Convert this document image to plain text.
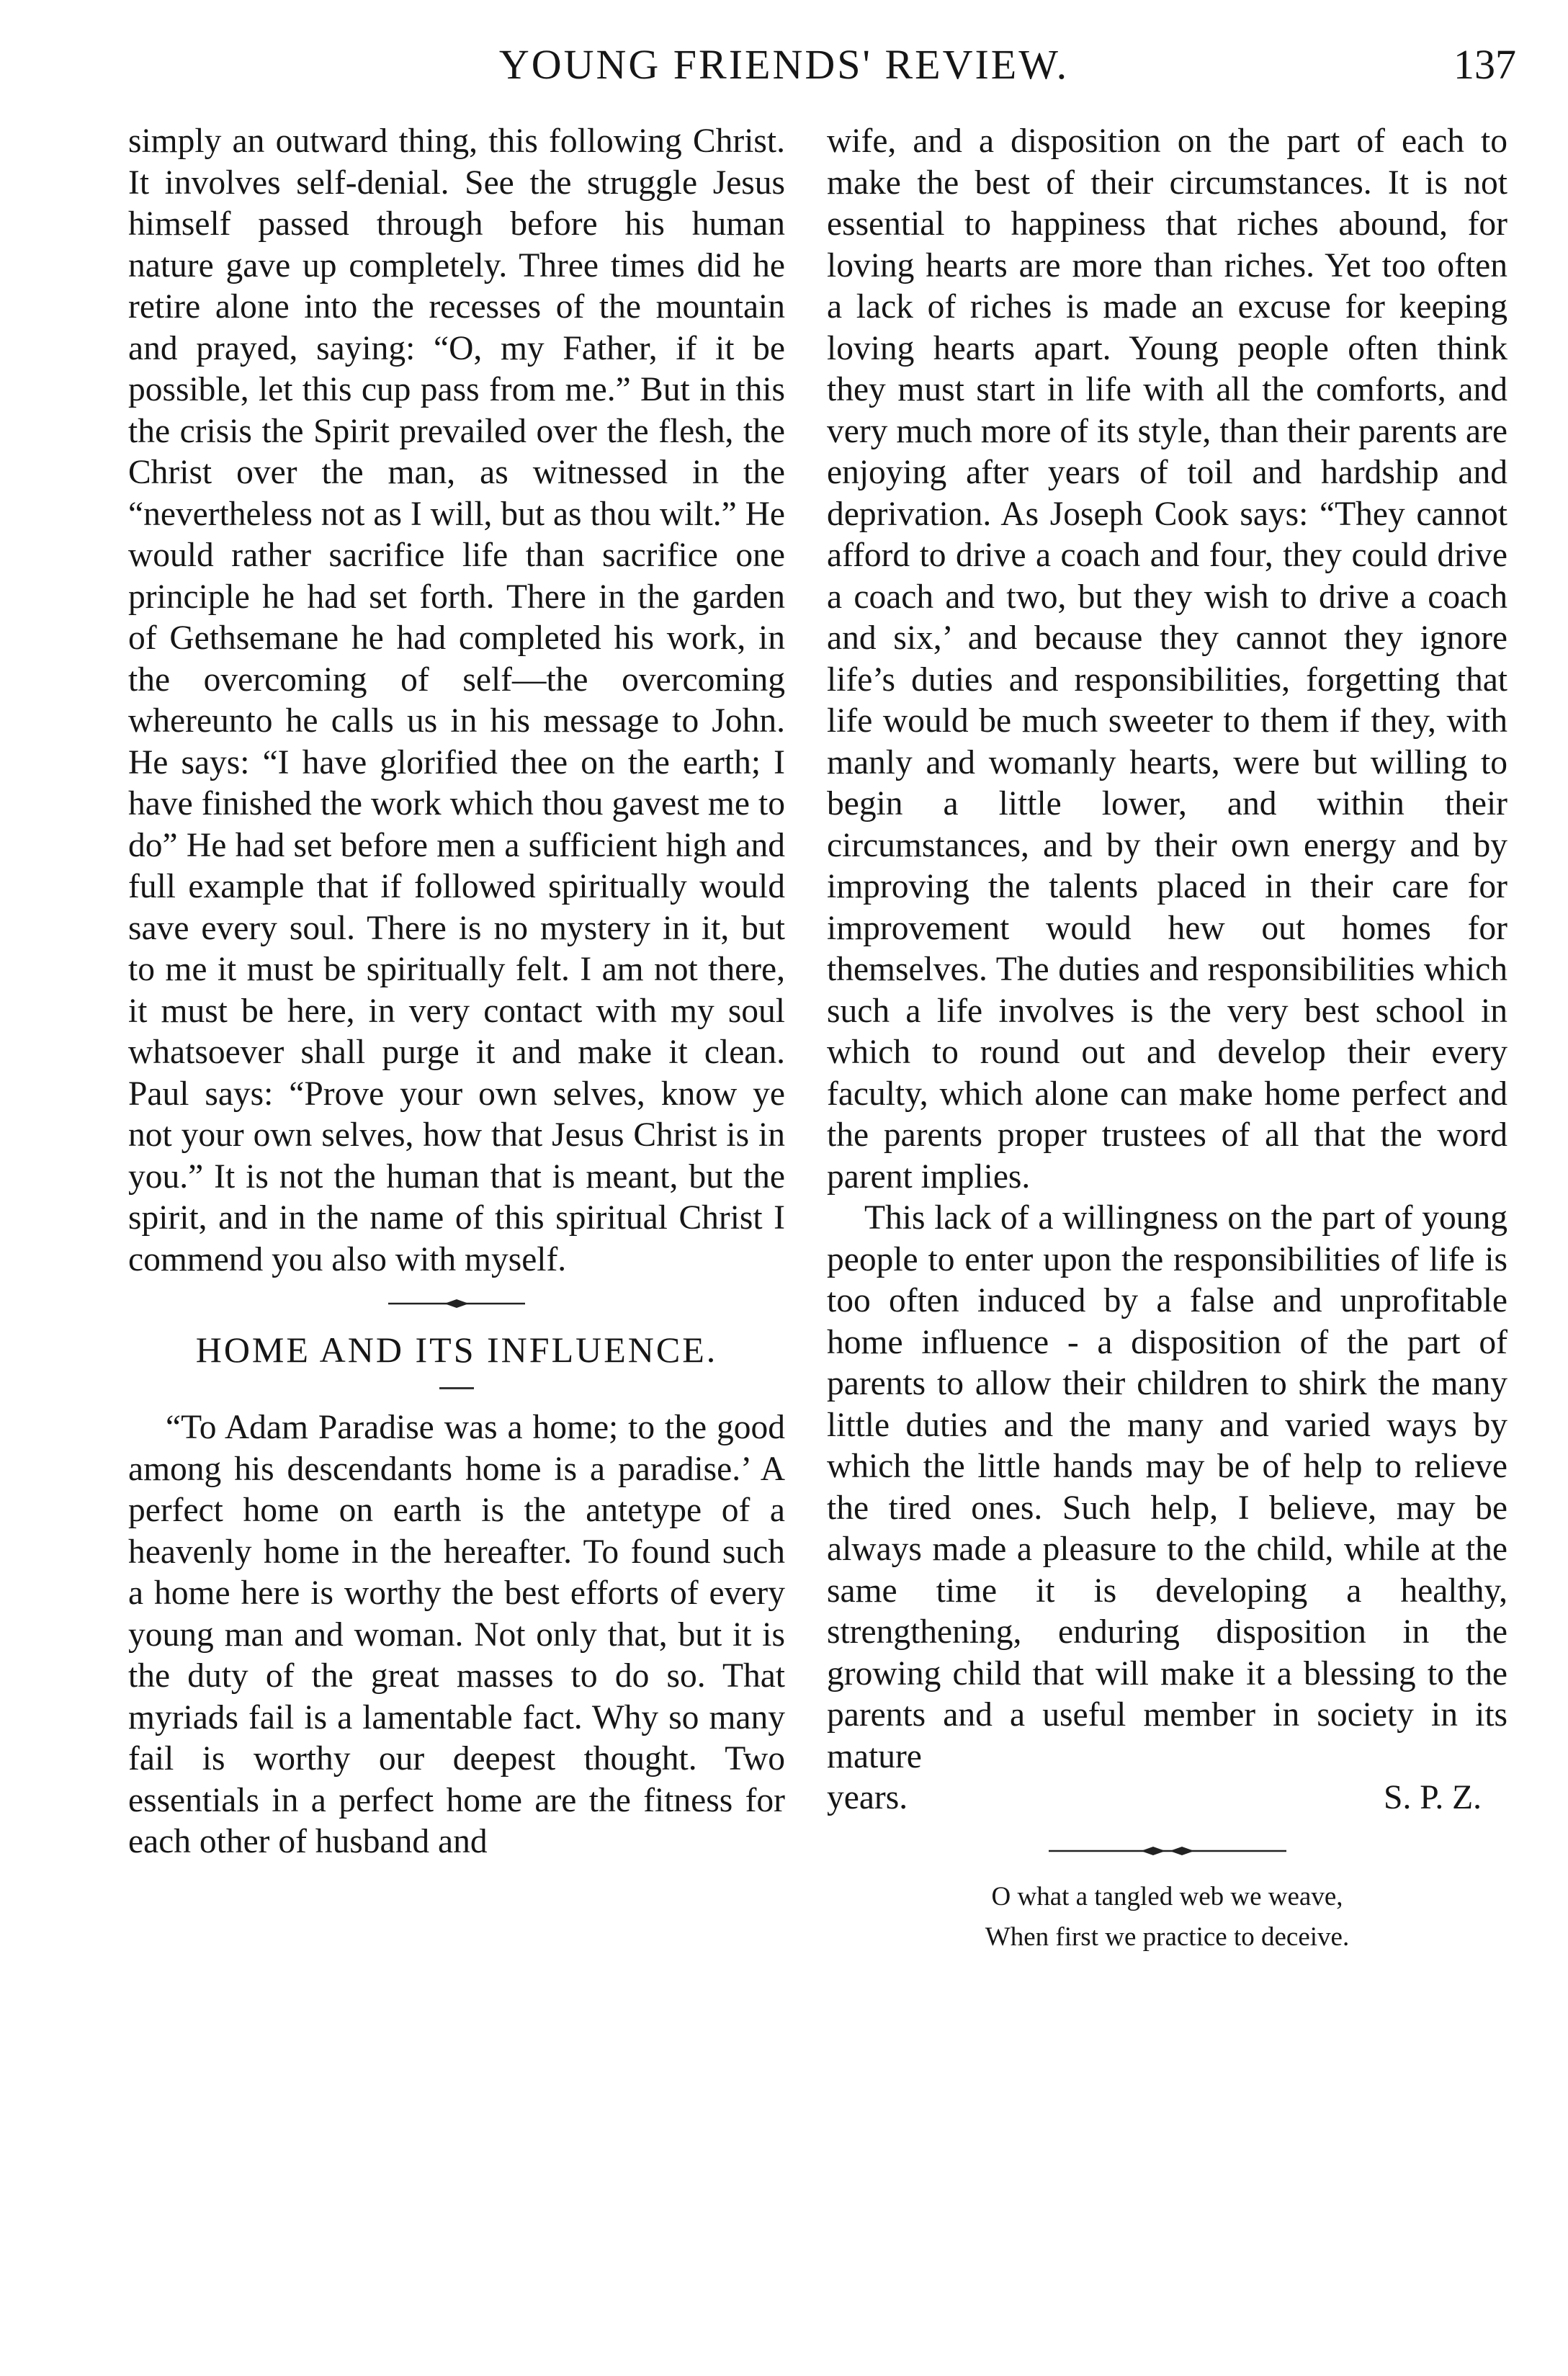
YOUNG FRIENDS' REVIEW.	137

simply an outward thing, this following Christ. It involves self-denial. See the struggle Jesus himself passed through before his human nature gave up completely. Three times did he retire alone into the recesses of the mountain and prayed, saying: “O, my Father, if it be possible, let this cup pass from me.” But in this the crisis the Spirit prevailed over the flesh, the Christ over the man, as witnessed in the “nevertheless not as I will, but as thou wilt.” He would rather sacrifice life than sacrifice one principle he had set forth. There in the garden of Gethsemane he had completed his work, in the overcoming of self—the overcoming whereunto he calls us in his message to John. He says: “I have glorified thee on the earth; I have finished the work which thou gavest me to do” He had set before men a sufficient high and full example that if followed spiritually would save every soul. There is no mystery in it, but to me it must be spiritually felt. I am not there, it must be here, in very contact with my soul whatsoever shall purge it and make it clean. Paul says: “Prove your own selves, know ye not your own selves, how that Jesus Christ is in you.” It is not the human that is meant, but the spirit, and in the name of this spiritual Christ I commend you also with myself.

HOME AND ITS INFLUENCE.

“To Adam Paradise was a home; to the good among his descendants home is a paradise.’ A perfect home on earth is the antetype of a heavenly home in the hereafter. To found such a home here is worthy the best efforts of every young man and woman. Not only that, but it is the duty of the great masses to do so. That myriads fail is a lamentable fact. Why so many fail is worthy our deepest thought. Two essentials in a perfect home are the fitness for each other of husband and

wife, and a disposition on the part of each to make the best of their circumstances. It is not essential to happiness that riches abound, for loving hearts are more than riches. Yet too often a lack of riches is made an excuse for keeping loving hearts apart. Young people often think they must start in life with all the comforts, and very much more of its style, than their parents are enjoying after years of toil and hardship and deprivation. As Joseph Cook says: “They cannot afford to drive a coach and four, they could drive a coach and two, but they wish to drive a coach and six,’ and because they cannot they ignore life’s duties and responsibilities, forgetting that life would be much sweeter to them if they, with manly and womanly hearts, were but willing to begin a little lower, and within their circumstances, and by their own energy and by improving the talents placed in their care for improvement would hew out homes for themselves. The duties and responsibilities which such a life involves is the very best school in which to round out and develop their every faculty, which alone can make home perfect and the parents proper trustees of all that the word parent implies.

This lack of a willingness on the part of young people to enter upon the responsibilities of life is too often induced by a false and unprofitable home influence - a disposition of the part of parents to allow their children to shirk the many little duties and the many and varied ways by which the little hands may be of help to relieve the tired ones. Such help, I believe, may be always made a pleasure to the child, while at the same time it is developing a healthy, strengthening, enduring disposition in the growing child that will make it a blessing to the parents and a useful member in society in its mature

years.	S. P. Z.

O what a tangled web we weave,
When first we practice to deceive.
